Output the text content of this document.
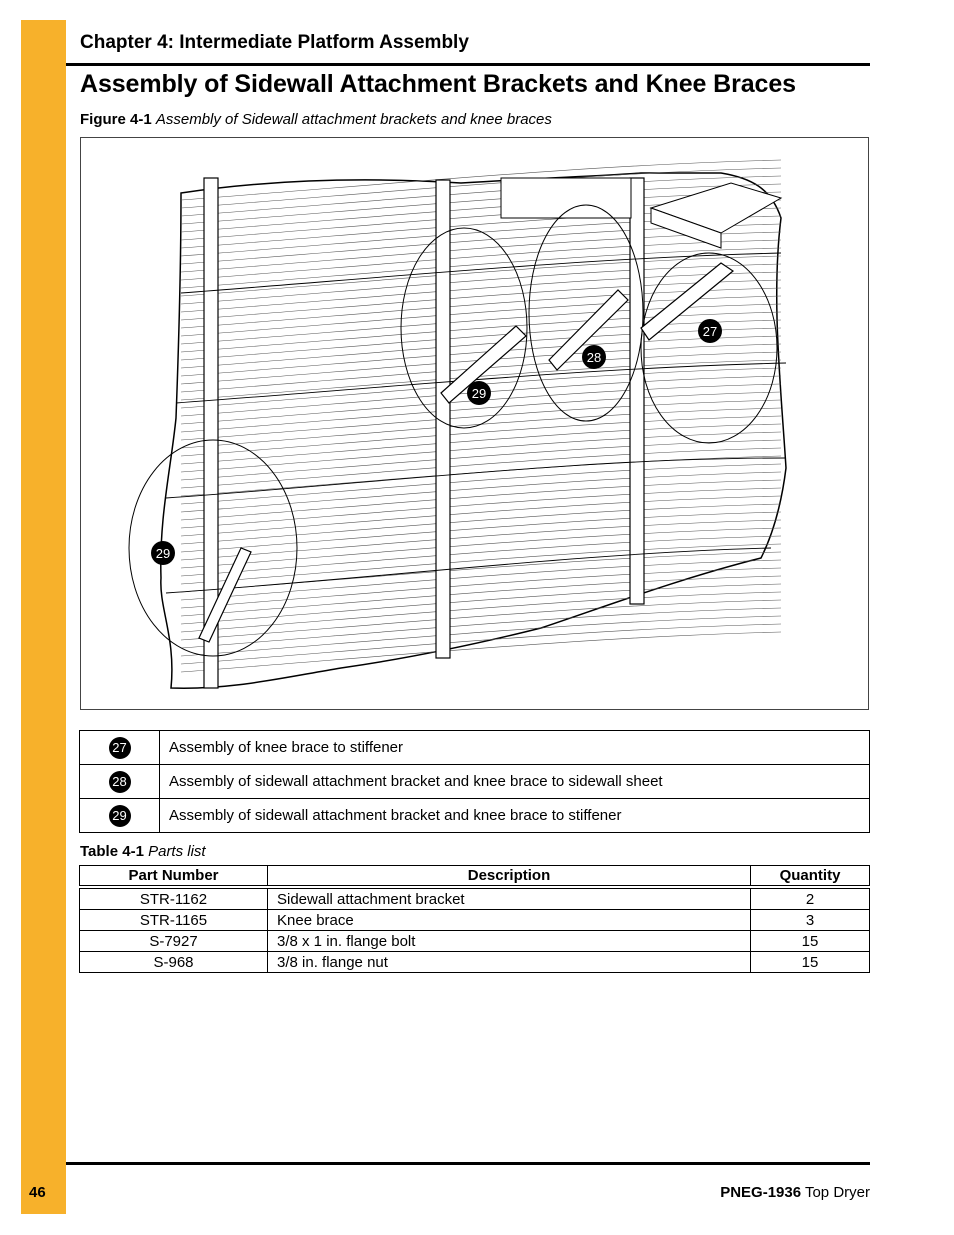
Chapter 4: Intermediate Platform Assembly
Assembly of Sidewall Attachment Brackets and Knee Braces
Figure 4-1 Assembly of Sidewall attachment brackets and knee braces
27
28
29
29
27	Assembly of knee brace to stiffener
28	Assembly of sidewall attachment bracket and knee brace to sidewall sheet
29	Assembly of sidewall attachment bracket and knee brace to stiffener
Table 4-1 Parts list
Part Number	Description	Quantity
STR-1162	Sidewall attachment bracket	2
STR-1165	Knee brace	3
S-7927	3/8 x 1 in. flange bolt	15
S-968	3/8 in. flange nut	15
46	PNEG-1936 Top Dryer
